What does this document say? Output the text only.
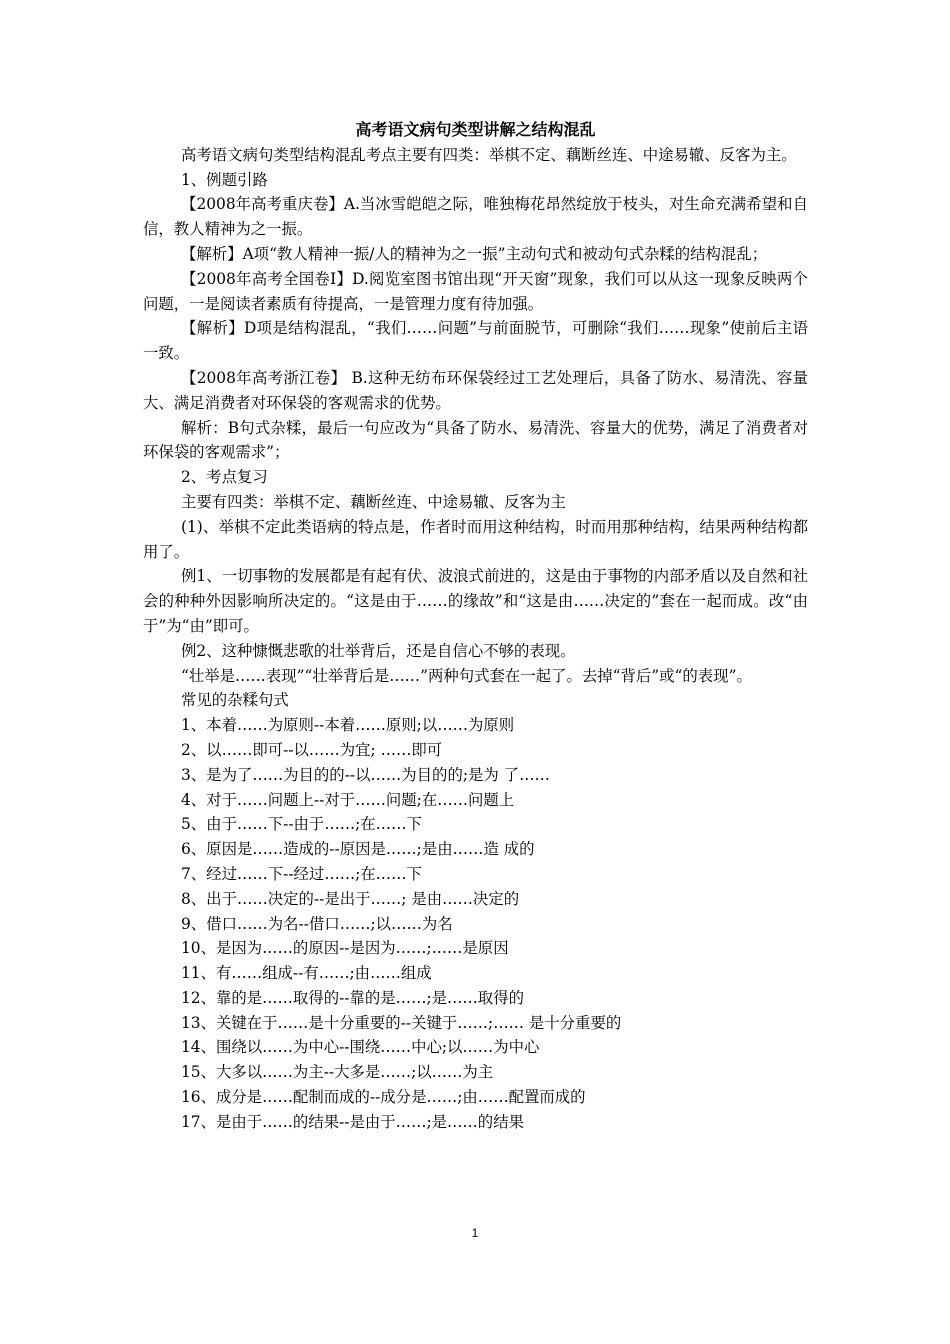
高考语文病句类型讲解之结构混乱

高考语文病句类型结构混乱考点主要有四类：举棋不定、藕断丝连、中途易辙、反客为主。

1、例题引路

【2008年高考重庆卷】A.当冰雪皑皑之际，唯独梅花昂然绽放于枝头，对生命充满希望和自信，教人精神为之一振。

【解析】A项“教人精神一振/人的精神为之一振”主动句式和被动句式杂糅的结构混乱；

【2008年高考全国卷Ⅰ】D.阅览室图书馆出现“开天窗”现象，我们可以从这一现象反映两个问题，一是阅读者素质有待提高，一是管理力度有待加强。

【解析】D项是结构混乱，“我们……问题”与前面脱节，可删除“我们……现象”使前后主语一致。

【2008年高考浙江卷】 B.这种无纺布环保袋经过工艺处理后，具备了防水、易清洗、容量大、满足消费者对环保袋的客观需求的优势。

解析：B句式杂糅，最后一句应改为“具备了防水、易清洗、容量大的优势，满足了消费者对环保袋的客观需求”；

2、考点复习

主要有四类：举棋不定、藕断丝连、中途易辙、反客为主

(1)、举棋不定此类语病的特点是，作者时而用这种结构，时而用那种结构，结果两种结构都用了。

例1、一切事物的发展都是有起有伏、波浪式前进的，这是由于事物的内部矛盾以及自然和社会的种种外因影响所决定的。“这是由于……的缘故”和“这是由……决定的”套在一起而成。改“由于”为“由”即可。

例2、这种慷慨悲歌的壮举背后，还是自信心不够的表现。

“壮举是……表现”“壮举背后是……”两种句式套在一起了。去掉“背后”或“的表现”。

常见的杂糅句式

1、本着……为原则--本着……原则;以……为原则
2、以……即可--以……为宜; ……即可
3、是为了……为目的的--以……为目的的;是为 了……
4、对于……问题上--对于……问题;在……问题上
5、由于……下--由于……;在……下
6、原因是……造成的--原因是……;是由……造 成的
7、经过……下--经过……;在……下
8、出于……决定的--是出于……; 是由……决定的
9、借口……为名--借口……;以……为名
10、是因为……的原因--是因为……;……是原因
11、有……组成--有……;由……组成
12、靠的是……取得的--靠的是……;是……取得的
13、关键在于……是十分重要的--关键于……;…… 是十分重要的
14、围绕以……为中心--围绕……中心;以……为中心
15、大多以……为主--大多是……;以……为主
16、成分是……配制而成的--成分是……;由……配置而成的
17、是由于……的结果--是由于……;是……的结果
1
